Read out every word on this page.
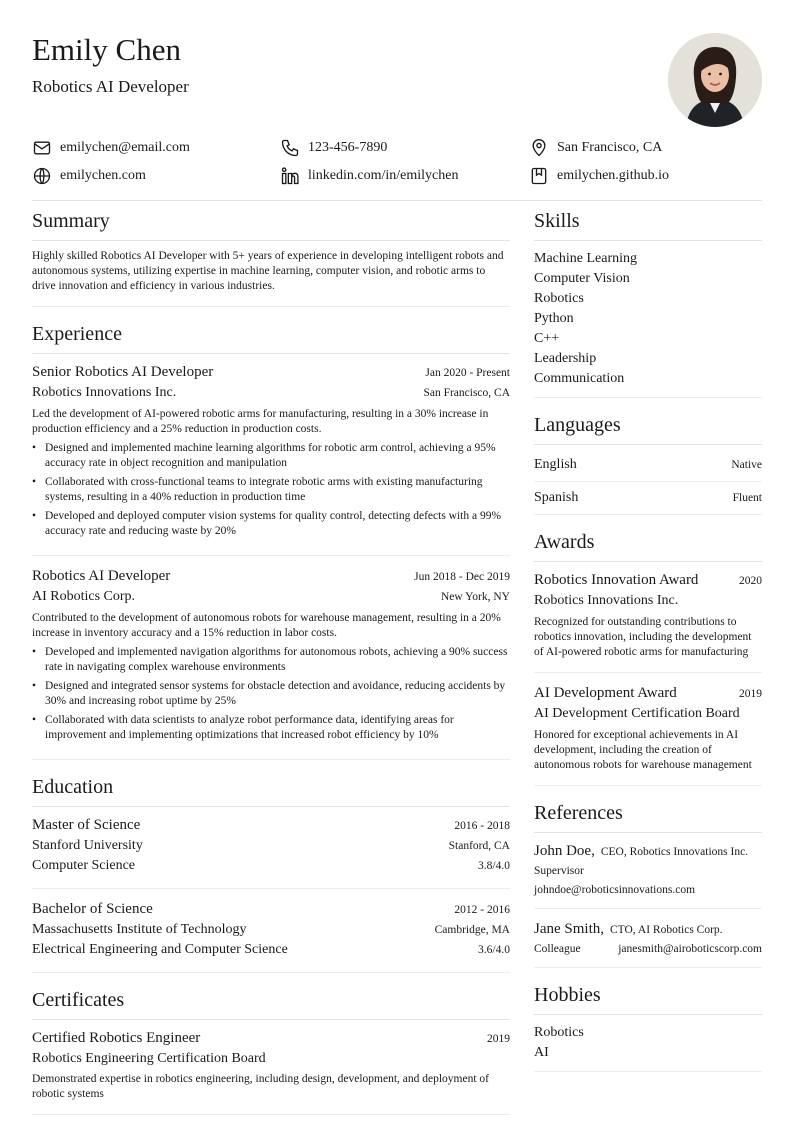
Emily Chen
Robotics AI Developer
emilychen@email.com	123-456-7890	San Francisco, CA
emilychen.com	linkedin.com/in/emilychen	emilychen.github.io
Summary
Highly skilled Robotics AI Developer with 5+ years of experience in developing intelligent robots and autonomous systems, utilizing expertise in machine learning, computer vision, and robotic arms to drive innovation and efficiency in various industries.
Experience
Senior Robotics AI Developer	Jan 2020 - Present
Robotics Innovations Inc.	San Francisco, CA
Led the development of AI-powered robotic arms for manufacturing, resulting in a 30% increase in production efficiency and a 25% reduction in production costs.
• Designed and implemented machine learning algorithms for robotic arm control, achieving a 95% accuracy rate in object recognition and manipulation
• Collaborated with cross-functional teams to integrate robotic arms with existing manufacturing systems, resulting in a 40% reduction in production time
• Developed and deployed computer vision systems for quality control, detecting defects with a 99% accuracy rate and reducing waste by 20%
Robotics AI Developer	Jun 2018 - Dec 2019
AI Robotics Corp.	New York, NY
Contributed to the development of autonomous robots for warehouse management, resulting in a 20% increase in inventory accuracy and a 15% reduction in labor costs.
• Developed and implemented navigation algorithms for autonomous robots, achieving a 90% success rate in navigating complex warehouse environments
• Designed and integrated sensor systems for obstacle detection and avoidance, reducing accidents by 30% and increasing robot uptime by 25%
• Collaborated with data scientists to analyze robot performance data, identifying areas for improvement and implementing optimizations that increased robot efficiency by 10%
Education
Master of Science	2016 - 2018
Stanford University	Stanford, CA
Computer Science	3.8/4.0
Bachelor of Science	2012 - 2016
Massachusetts Institute of Technology	Cambridge, MA
Electrical Engineering and Computer Science	3.6/4.0
Certificates
Certified Robotics Engineer	2019
Robotics Engineering Certification Board
Demonstrated expertise in robotics engineering, including design, development, and deployment of robotic systems
Skills
Machine Learning
Computer Vision
Robotics
Python
C++
Leadership
Communication
Languages
English	Native
Spanish	Fluent
Awards
Robotics Innovation Award	2020
Robotics Innovations Inc.
Recognized for outstanding contributions to robotics innovation, including the development of AI-powered robotic arms for manufacturing
AI Development Award	2019
AI Development Certification Board
Honored for exceptional achievements in AI development, including the creation of autonomous robots for warehouse management
References
John Doe, CEO, Robotics Innovations Inc.
Supervisor
johndoe@roboticsinnovations.com
Jane Smith, CTO, AI Robotics Corp.
Colleague	janesmith@airoboticscorp.com
Hobbies
Robotics
AI
